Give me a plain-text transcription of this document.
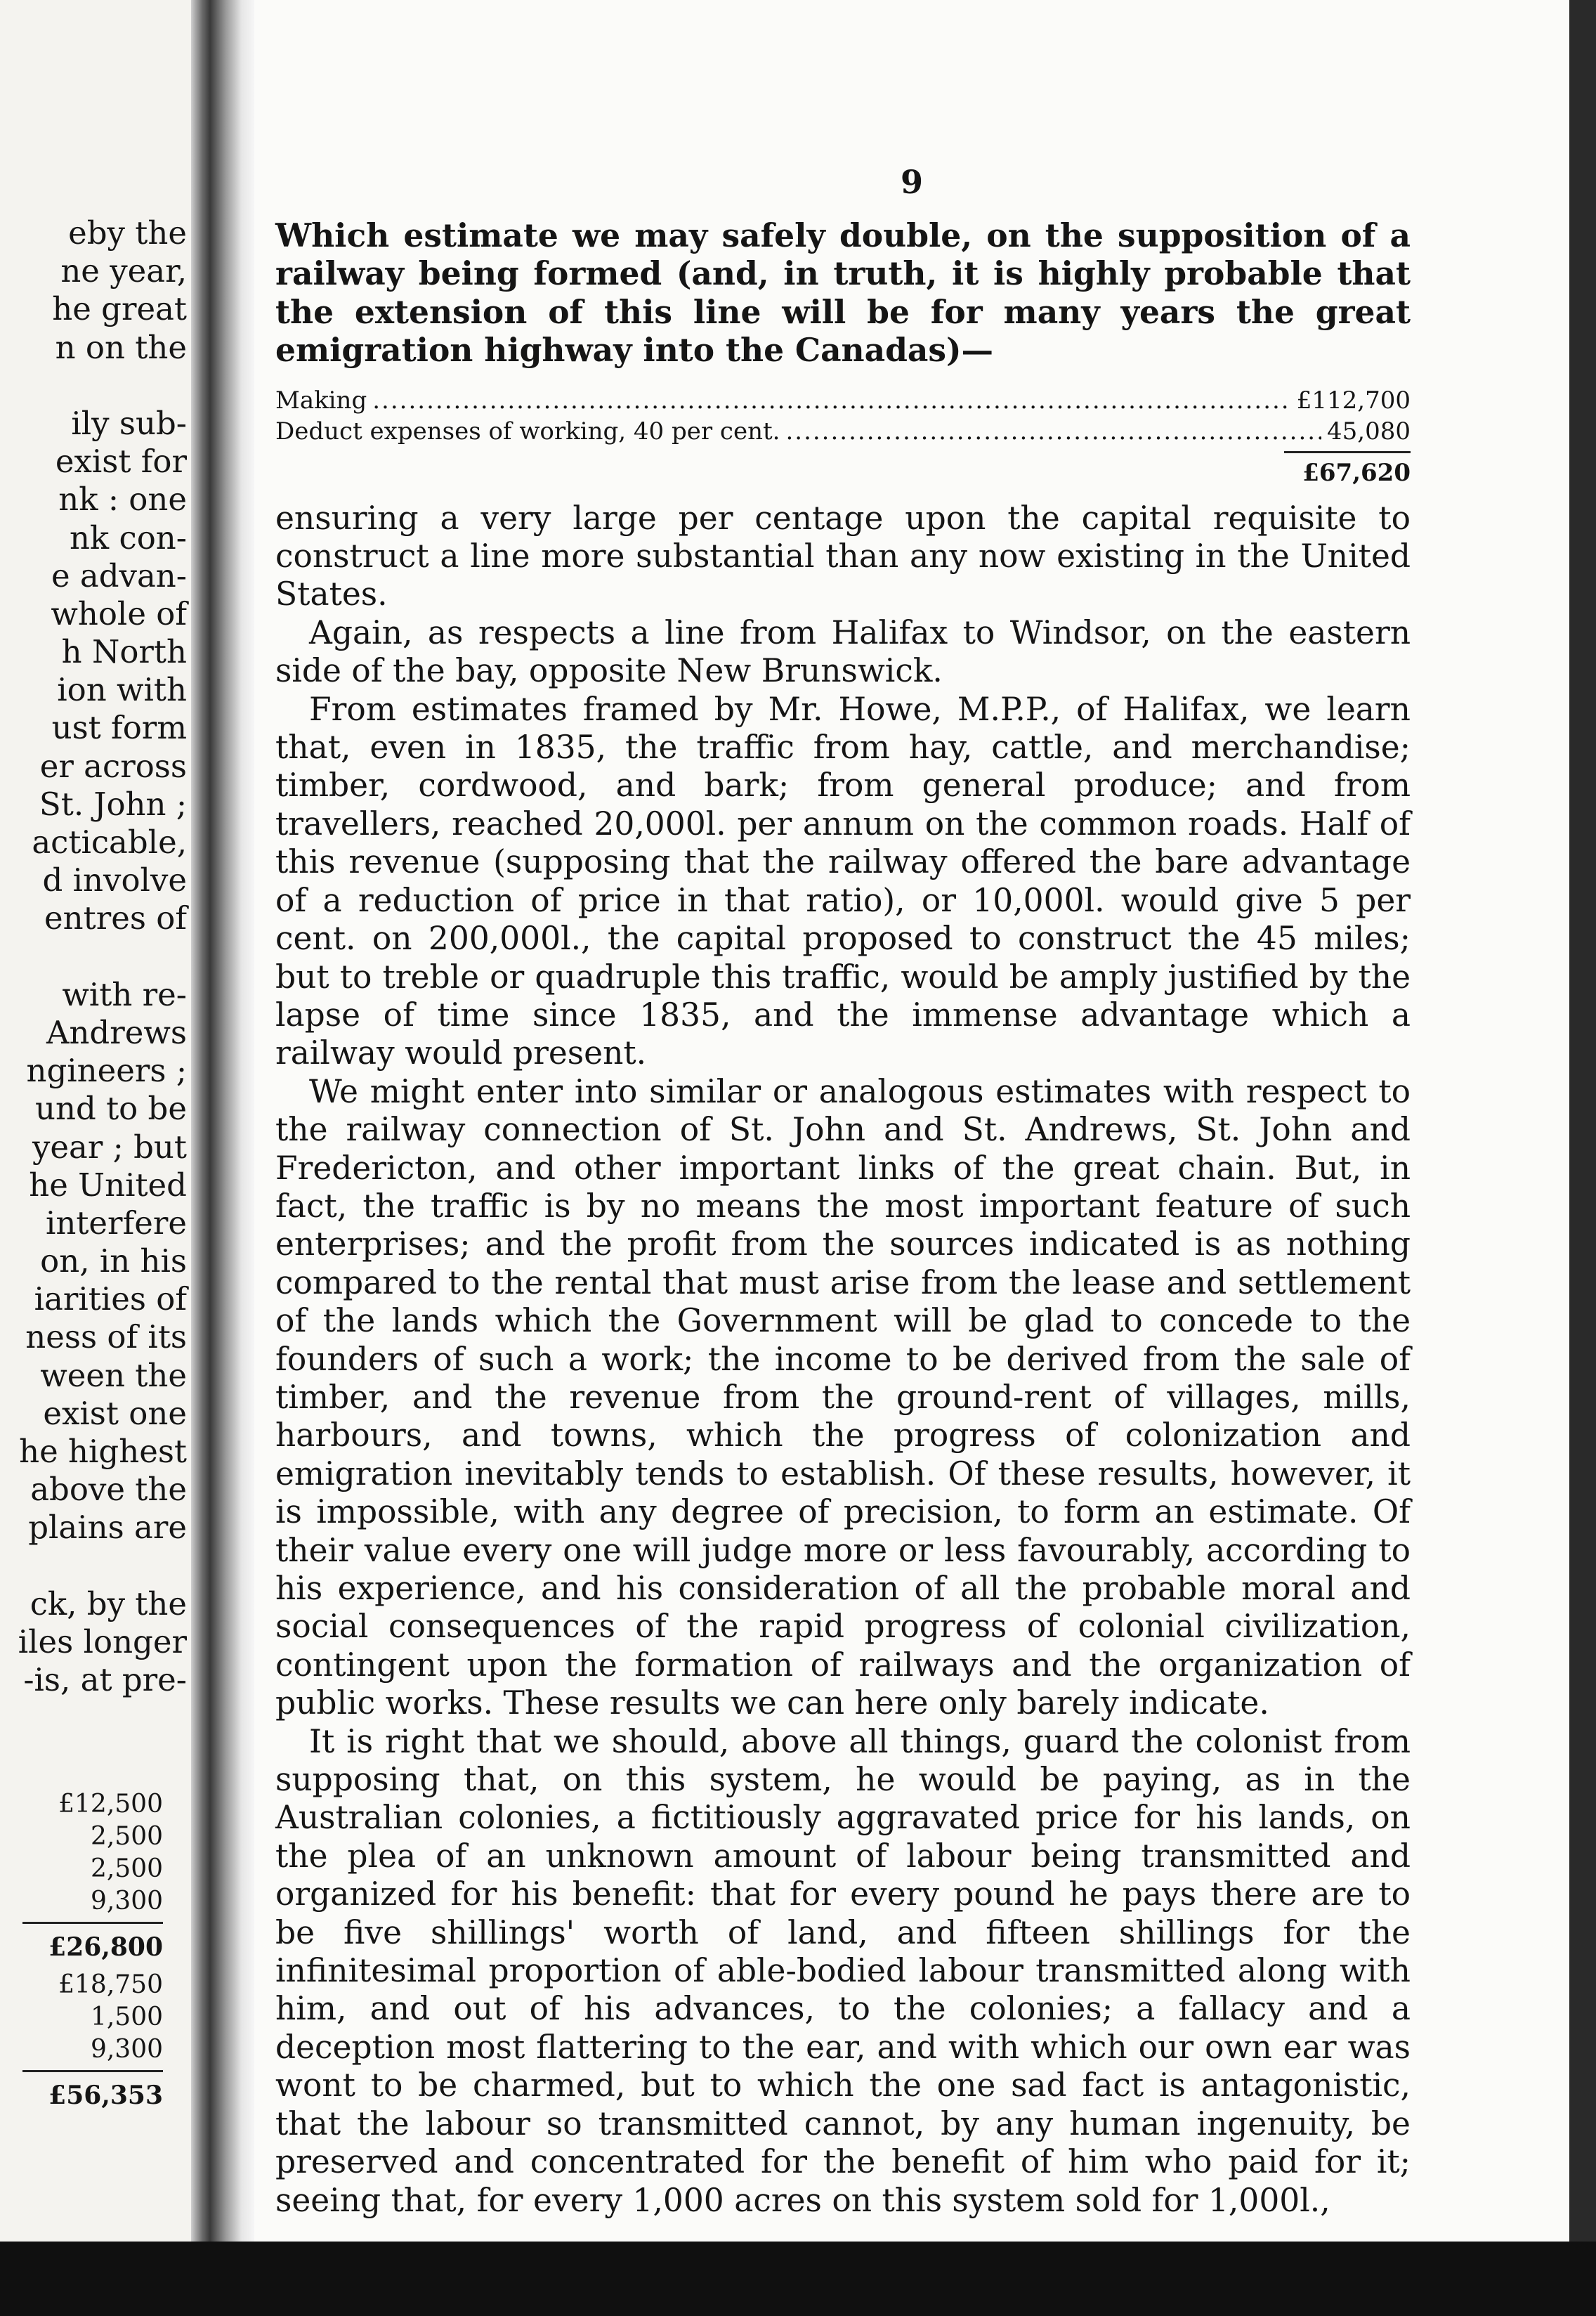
eby the
ne year,
he great
n on the
ily sub-
exist for
nk : one
nk con-
e advan-
whole of
h North
ion with
ust form
er across
St. John ;
acticable,
d involve
entres of
with re-
Andrews
ngineers ;
und to be
year ; but
he United
interfere
on, in his
iarities of
ness of its
ween the
exist one
he highest
above the
plains are
ck, by the
iles longer
-is, at pre-
£12,500
2,500
2,500
9,300
£26,800
£18,750
1,500
9,300
£56,353
9

Which estimate we may safely double, on the supposition of a railway being formed (and, in truth, it is highly probable that the extension of this line will be for many years the great emigration highway into the Canadas)—

Making .....	£112,700
Deduct expenses of working, 40 per cent. .....	45,080
£67,620

ensuring a very large per centage upon the capital requisite to construct a line more substantial than any now existing in the United States.

Again, as respects a line from Halifax to Windsor, on the eastern side of the bay, opposite New Brunswick.

From estimates framed by Mr. Howe, M.P.P., of Halifax, we learn that, even in 1835, the traffic from hay, cattle, and merchandise; timber, cordwood, and bark; from general produce; and from travellers, reached 20,000l. per annum on the common roads. Half of this revenue (supposing that the railway offered the bare advantage of a reduction of price in that ratio), or 10,000l. would give 5 per cent. on 200,000l., the capital proposed to construct the 45 miles; but to treble or quadruple this traffic, would be amply justified by the lapse of time since 1835, and the immense advantage which a railway would present.

We might enter into similar or analogous estimates with respect to the railway connection of St. John and St. Andrews, St. John and Fredericton, and other important links of the great chain. But, in fact, the traffic is by no means the most important feature of such enterprises; and the profit from the sources indicated is as nothing compared to the rental that must arise from the lease and settlement of the lands which the Government will be glad to concede to the founders of such a work; the income to be derived from the sale of timber, and the revenue from the ground-rent of villages, mills, harbours, and towns, which the progress of colonization and emigration inevitably tends to establish. Of these results, however, it is impossible, with any degree of precision, to form an estimate. Of their value every one will judge more or less favourably, according to his experience, and his consideration of all the probable moral and social consequences of the rapid progress of colonial civilization, contingent upon the formation of railways and the organization of public works. These results we can here only barely indicate.

It is right that we should, above all things, guard the colonist from supposing that, on this system, he would be paying, as in the Australian colonies, a fictitiously aggravated price for his lands, on the plea of an unknown amount of labour being transmitted and organized for his benefit: that for every pound he pays there are to be five shillings' worth of land, and fifteen shillings for the infinitesimal proportion of able-bodied labour transmitted along with him, and out of his advances, to the colonies; a fallacy and a deception most flattering to the ear, and with which our own ear was wont to be charmed, but to which the one sad fact is antagonistic, that the labour so transmitted cannot, by any human ingenuity, be preserved and concentrated for the benefit of him who paid for it; seeing that, for every 1,000 acres on this system sold for 1,000l.,
